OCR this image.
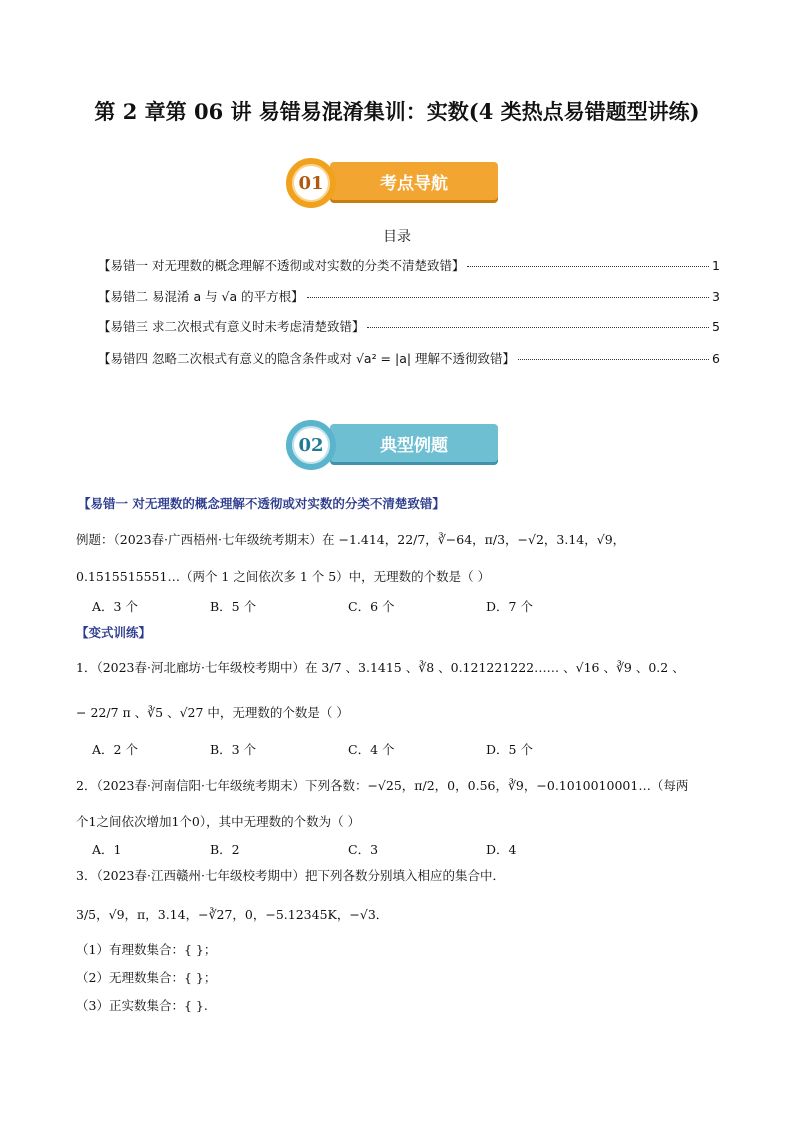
第 2 章第 06 讲 易错易混淆集训：实数(4 类热点易错题型讲练)
01	考点导航
目录
【易错一 对无理数的概念理解不透彻或对实数的分类不清楚致错】	1
【易错二 易混淆 a 与 √a 的平方根】	3
【易错三 求二次根式有意义时未考虑清楚致错】	5
【易错四 忽略二次根式有意义的隐含条件或对 √a² = |a| 理解不透彻致错】	6
02	典型例题
【易错一 对无理数的概念理解不透彻或对实数的分类不清楚致错】
例题：（2023春·广西梧州·七年级统考期末）在 −1.414，22/7，∛−64，π/3，−√2，3.14，√9，
0.1515515551…（两个 1 之间依次多 1 个 5）中，无理数的个数是（ ）
A．3 个	B．5 个	C．6 个	D．7 个
【变式训练】
1．（2023春·河北廊坊·七年级校考期中）在 3/7 、3.1415 、∛8 、0.121221222…… 、√16 、∛9 、0.2 、
− 22/7 π 、∛5 、√27 中，无理数的个数是（ ）
A．2 个	B．3 个	C．4 个	D．5 个
2．（2023春·河南信阳·七年级统考期末）下列各数：−√25，π/2，0，0.56，∛9，−0.1010010001…（每两
个1之间依次增加1个0），其中无理数的个数为（ ）
A．1	B．2	C．3	D．4
3．（2023春·江西赣州·七年级校考期中）把下列各数分别填入相应的集合中．
3/5，√9，π，3.14，−∛27，0，−5.12345K，−√3．
（1）有理数集合：{ }；
（2）无理数集合：{ }；
（3）正实数集合：{ }.
